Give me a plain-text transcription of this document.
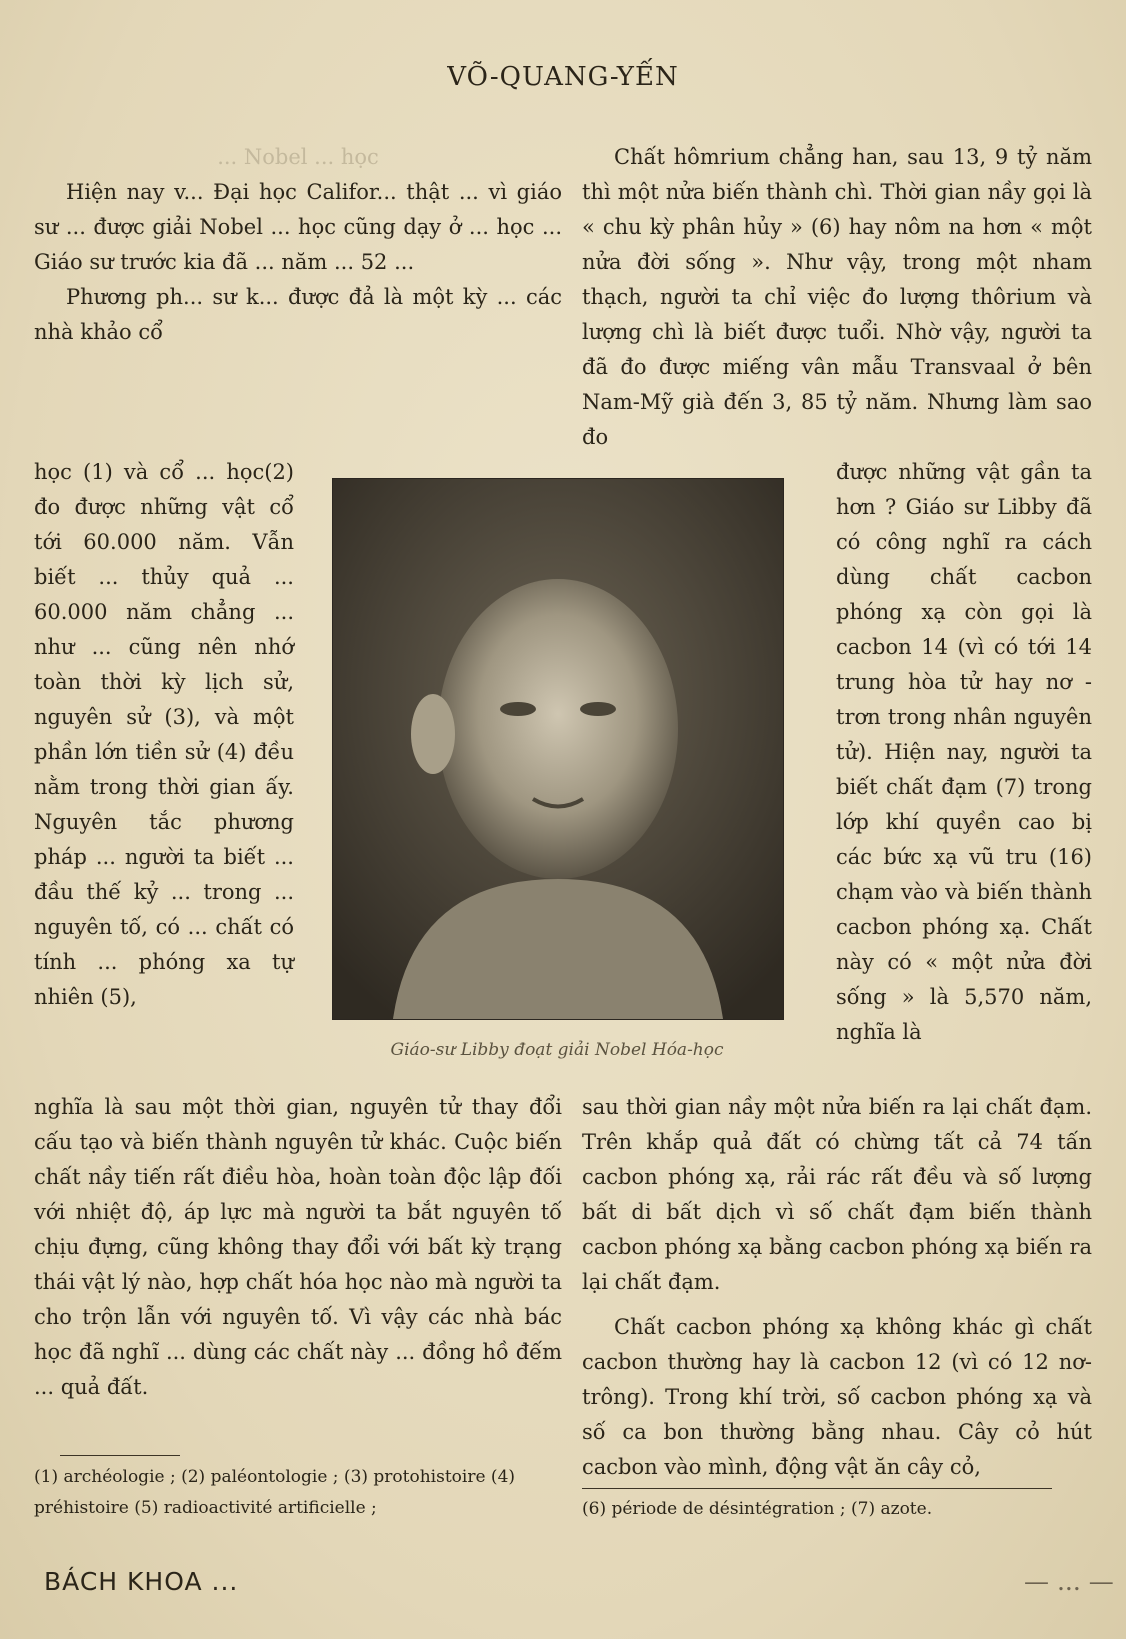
VÕ-QUANG-YẾN

... Nobel ... học

Hiện nay v... Đại học Califor... thật ... vì giáo sư ... được giải Nobel ... học cũng dạy ở ... học ... Giáo sư trước kia đã ... năm ... 52 ...

Phương ph... sư k... được đả là một kỳ ... các nhà khảo cổ

học (1) và cổ ... học(2) đo được những vật cổ tới 60.000 năm. Vẫn biết ... thủy quả ... 60.000 năm chẳng ... như ... cũng nên nhớ toàn thời kỳ lịch sử, nguyên sử (3), và một phần lớn tiền sử (4) đều nằm trong thời gian ấy. Nguyên tắc phương pháp ... người ta biết ... đầu thế kỷ ... trong ... nguyên tố, có ... chất có tính ... phóng xa tự nhiên (5),

Chất hômrium chẳng han, sau 13, 9 tỷ năm thì một nửa biến thành chì. Thời gian nầy gọi là « chu kỳ phân hủy » (6) hay nôm na hơn « một nửa đời sống ». Như vậy, trong một nham thạch, người ta chỉ việc đo lượng thôrium và lượng chì là biết được tuổi. Nhờ vậy, người ta đã đo được miếng vân mẫu Transvaal ở bên Nam-Mỹ già đến 3, 85 tỷ năm. Nhưng làm sao đo

được những vật gần ta hơn ? Giáo sư Libby đã có công nghĩ ra cách dùng chất cacbon phóng xạ còn gọi là cacbon 14 (vì có tới 14 trung hòa tử hay nơ - trơn trong nhân nguyên tử). Hiện nay, người ta biết chất đạm (7) trong lớp khí quyền cao bị các bức xạ vũ tru (16) chạm vào và biến thành cacbon phóng xạ. Chất này có « một nửa đời sống » là 5,570 năm, nghĩa là

Giáo-sư Libby đoạt giải Nobel Hóa-học

nghĩa là sau một thời gian, nguyên tử thay đổi cấu tạo và biến thành nguyên tử khác. Cuộc biến chất nầy tiến rất điều hòa, hoàn toàn độc lập đối với nhiệt độ, áp lực mà người ta bắt nguyên tố chịu đựng, cũng không thay đổi với bất kỳ trạng thái vật lý nào, hợp chất hóa học nào mà người ta cho trộn lẫn với nguyên tố. Vì vậy các nhà bác học đã nghĩ ... dùng các chất này ... đồng hồ đếm ... quả đất.

sau thời gian nầy một nửa biến ra lại chất đạm. Trên khắp quả đất có chừng tất cả 74 tấn cacbon phóng xạ, rải rác rất đều và số lượng bất di bất dịch vì số chất đạm biến thành cacbon phóng xạ bằng cacbon phóng xạ biến ra lại chất đạm.

Chất cacbon phóng xạ không khác gì chất cacbon thường hay là cacbon 12 (vì có 12 nơ-trông). Trong khí trời, số cacbon phóng xạ và số ca bon thường bằng nhau. Cây cỏ hút cacbon vào mình, động vật ăn cây cỏ,

(1) archéologie ; (2) paléontologie ; (3) protohistoire (4) préhistoire (5) radioactivité artificielle ;	(6) période de désintégration ; (7) azote.
BÁCH KHOA ...	— ... —
